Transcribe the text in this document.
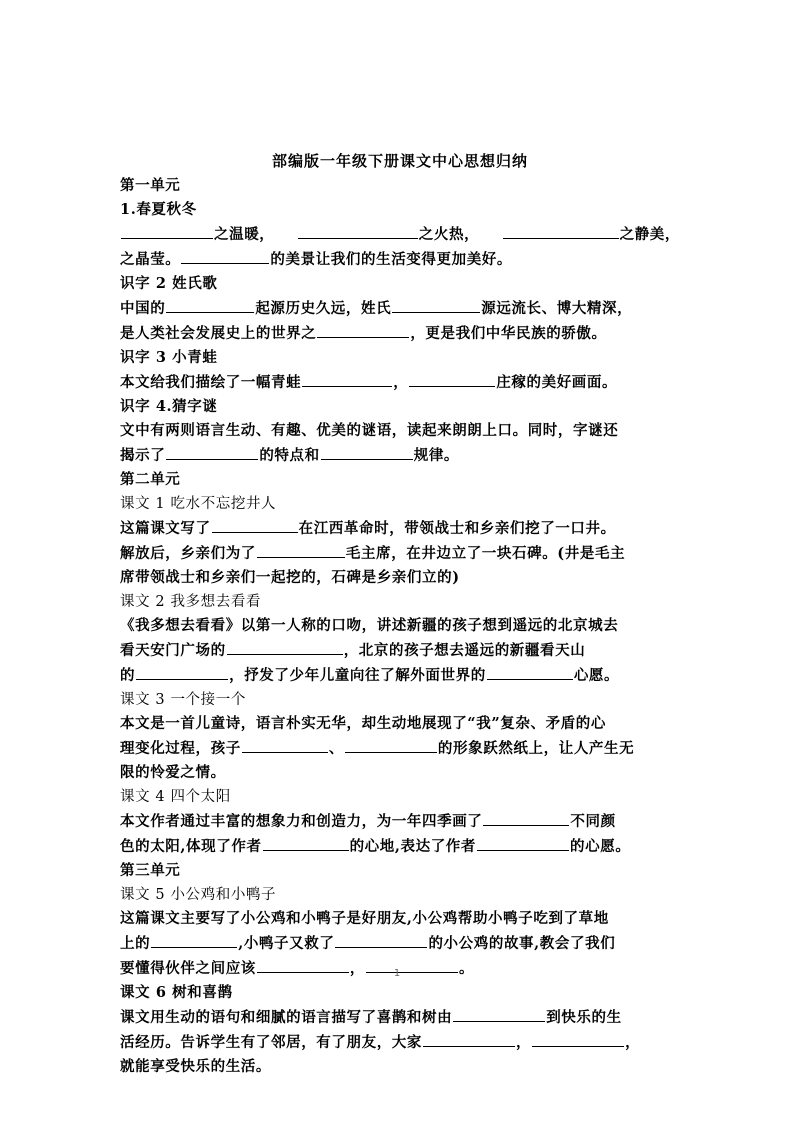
部编版一年级下册课文中心思想归纳
第一单元
1.春夏秋冬
之温暖，	之火热，	之静美，
之晶莹。	的美景让我们的生活变得更加美好。
识字 2 姓氏歌
中国的	起源历史久远，姓氏	源远流长、博大精深，
是人类社会发展史上的世界之	，更是我们中华民族的骄傲。
识字 3 小青蛙
本文给我们描绘了一幅青蛙	，	庄稼的美好画面。
识字 4.猜字谜
文中有两则语言生动、有趣、优美的谜语，读起来朗朗上口。同时，字谜还
揭示了	的特点和	规律。
第二单元
课文 1 吃水不忘挖井人
这篇课文写了	在江西革命时，带领战士和乡亲们挖了一口井。
解放后，乡亲们为了	毛主席，在井边立了一块石碑。(井是毛主
席带领战士和乡亲们一起挖的，石碑是乡亲们立的)
课文 2 我多想去看看
《我多想去看看》以第一人称的口吻，讲述新疆的孩子想到遥远的北京城去
看天安门广场的	，北京的孩子想去遥远的新疆看天山
的	，抒发了少年儿童向往了解外面世界的	心愿。
课文 3 一个接一个
本文是一首儿童诗，语言朴实无华，却生动地展现了“我”复杂、矛盾的心
理变化过程，孩子	、	的形象跃然纸上，让人产生无
限的怜爱之情。
课文 4 四个太阳
本文作者通过丰富的想象力和创造力，为一年四季画了	不同颜
色的太阳,体现了作者	的心地,表达了作者	的心愿。
第三单元
课文 5 小公鸡和小鸭子
这篇课文主要写了小公鸡和小鸭子是好朋友,小公鸡帮助小鸭子吃到了草地
上的	,小鸭子又救了	的小公鸡的故事,教会了我们
要懂得伙伴之间应该	，	。
课文 6 树和喜鹊
课文用生动的语句和细腻的语言描写了喜鹊和树由	到快乐的生
活经历。告诉学生有了邻居，有了朋友，大家	，	，
就能享受快乐的生活。
1
